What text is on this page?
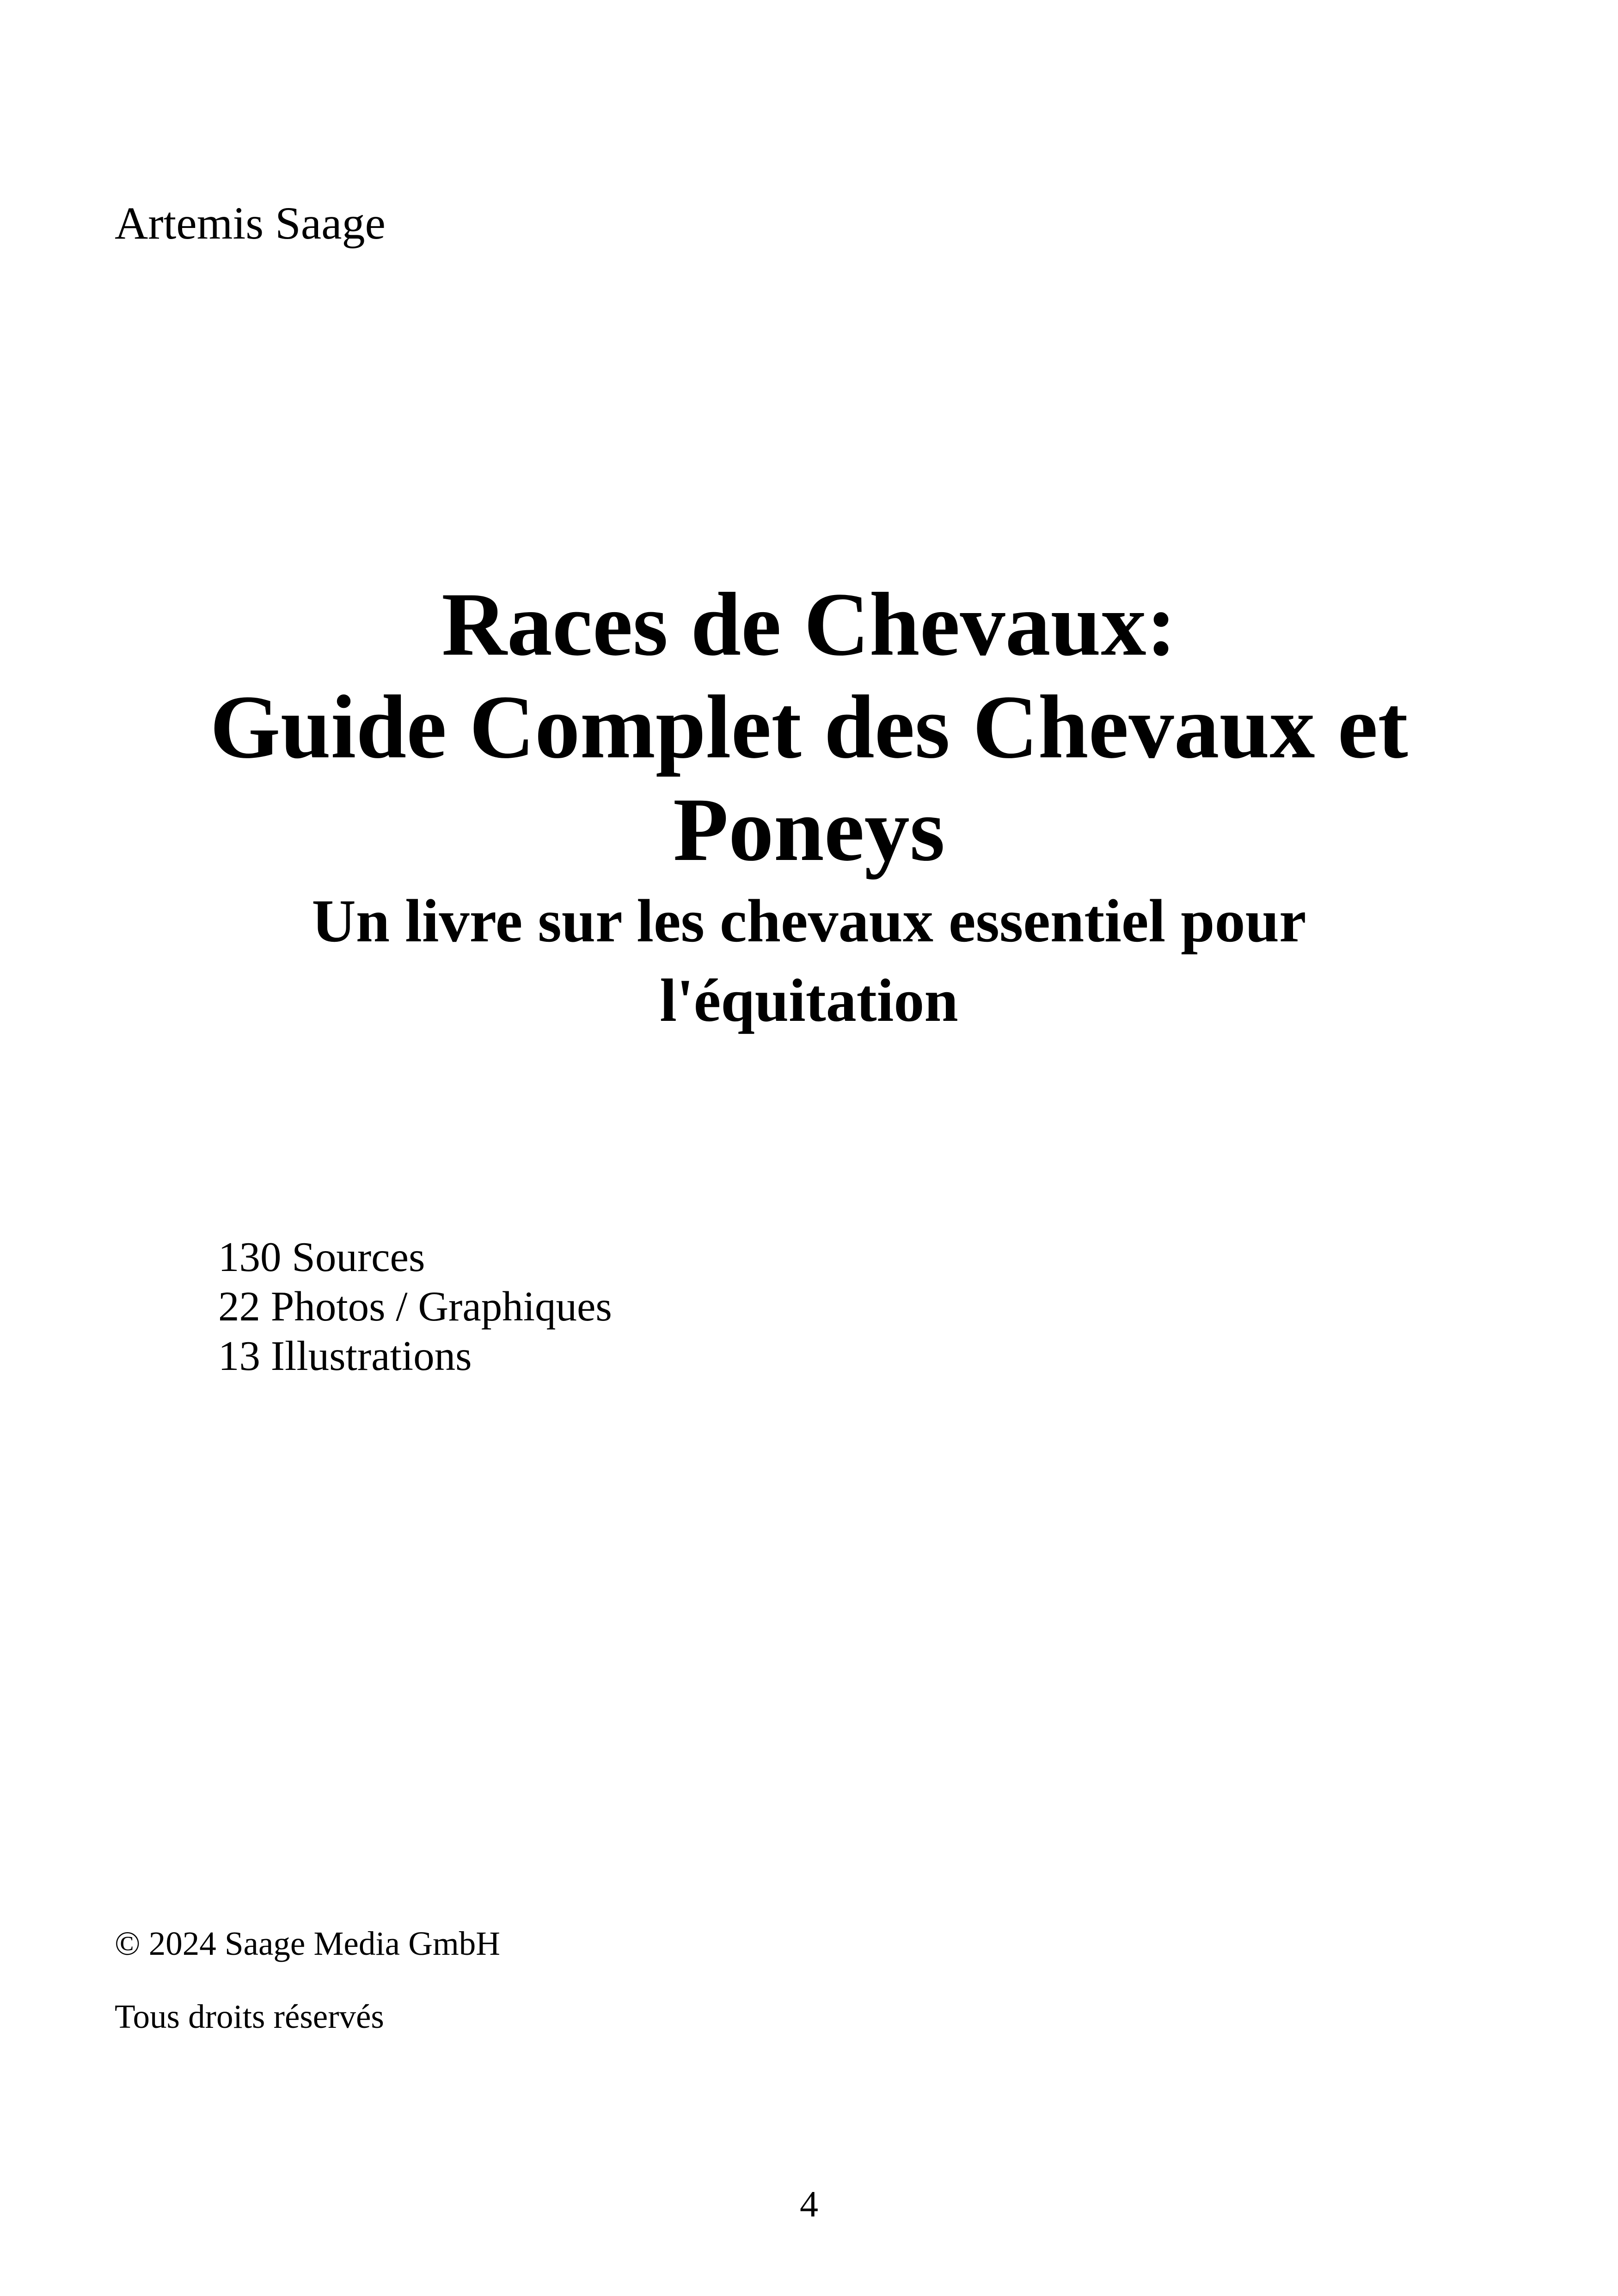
Artemis Saage
Races de Chevaux:
Guide Complet des Chevaux et
Poneys
Un livre sur les chevaux essentiel pour
l'équitation
130 Sources
22 Photos / Graphiques
13 Illustrations
© 2024 Saage Media GmbH
Tous droits réservés
4
